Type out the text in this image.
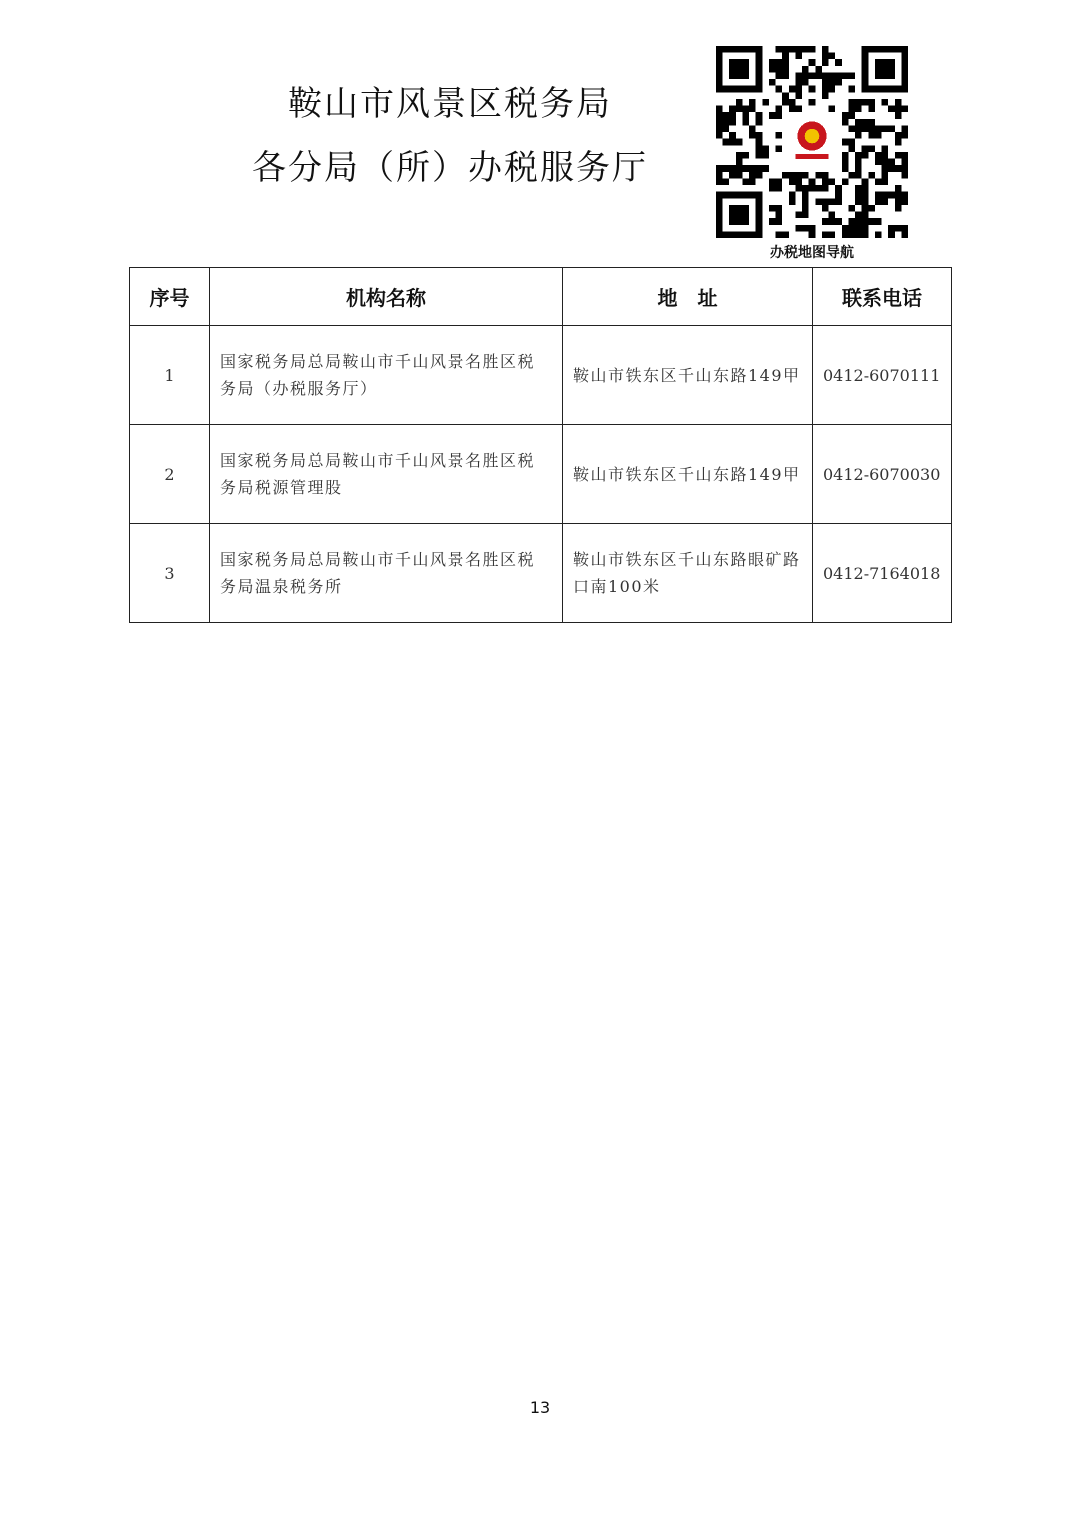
鞍山市风景区税务局
各分局（所）办税服务厅
办税地图导航
序号	机构名称	地　址	联系电话
1	国家税务局总局鞍山市千山风景名胜区税务局（办税服务厅）	鞍山市铁东区千山东路149甲	0412-6070111
2	国家税务局总局鞍山市千山风景名胜区税务局税源管理股	鞍山市铁东区千山东路149甲	0412-6070030
3	国家税务局总局鞍山市千山风景名胜区税务局温泉税务所	鞍山市铁东区千山东路眼矿路口南100米	0412-7164018
13
